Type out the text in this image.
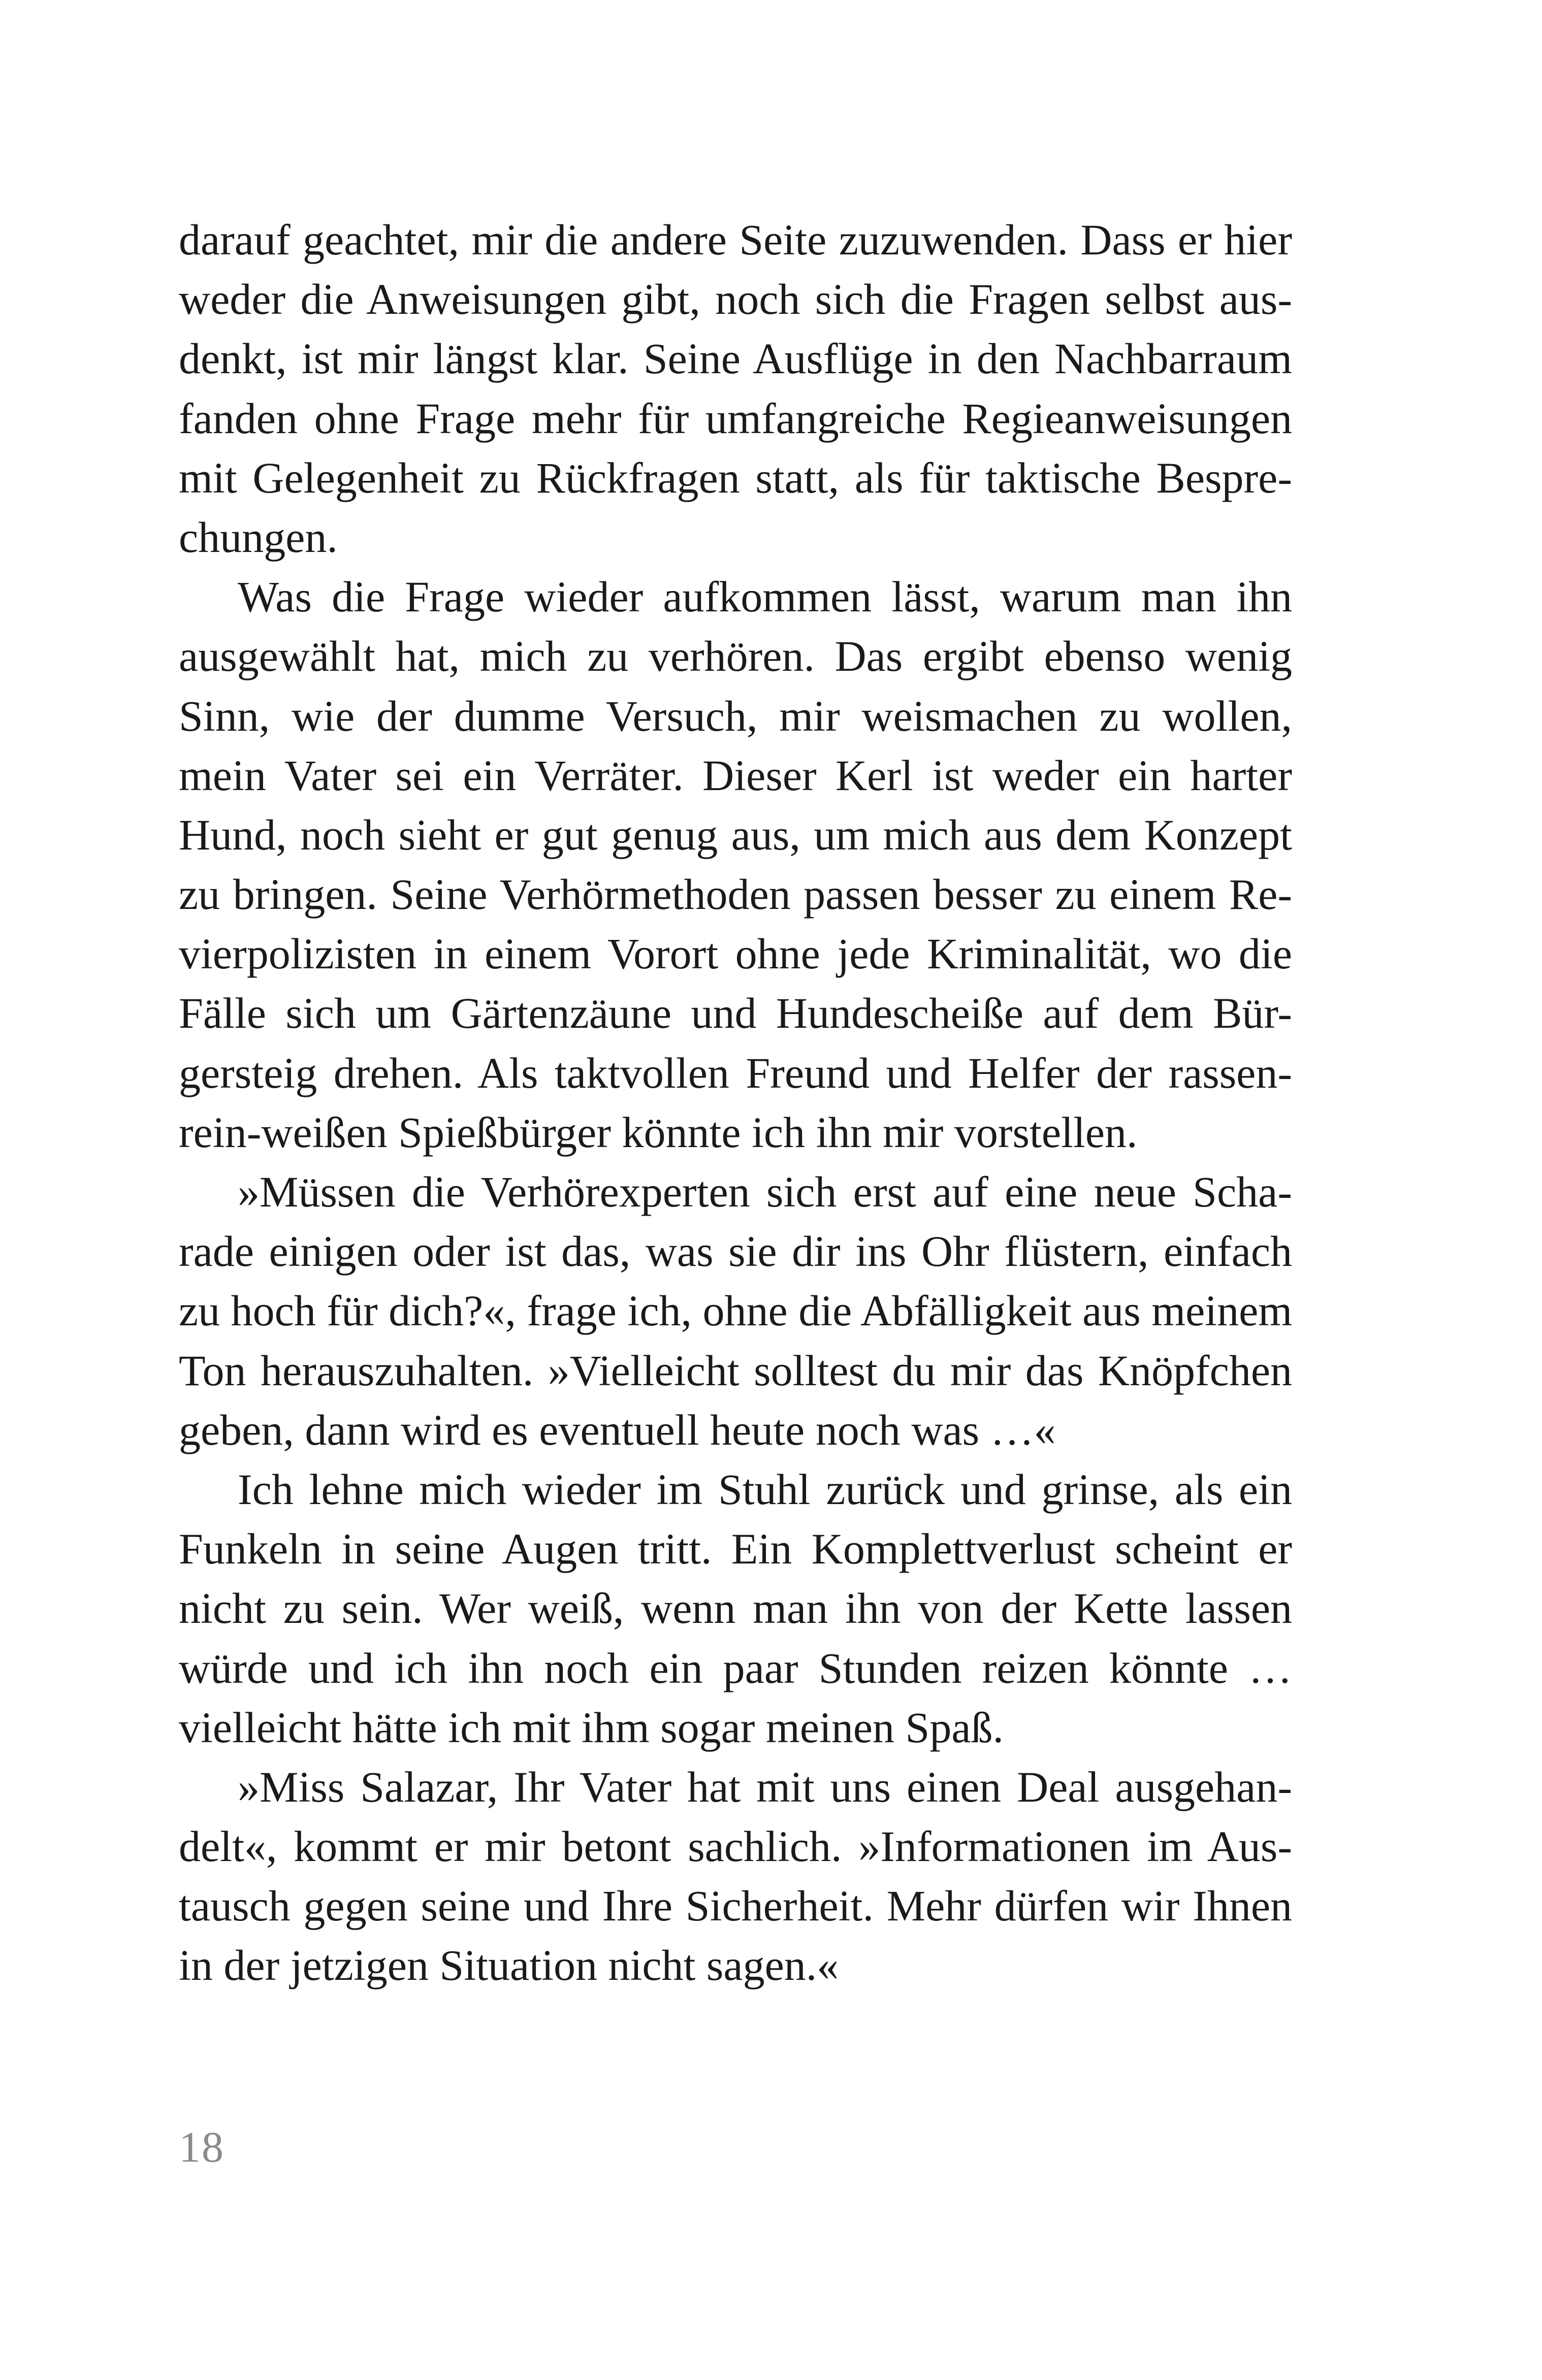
darauf geachtet, mir die andere Seite zuzuwenden. Dass er hier
weder die Anweisungen gibt, noch sich die Fragen selbst aus-
denkt, ist mir längst klar. Seine Ausflüge in den Nachbarraum
fanden ohne Frage mehr für umfangreiche Regieanweisungen
mit Gelegenheit zu Rückfragen statt, als für taktische Bespre-
chungen.
Was die Frage wieder aufkommen lässt, warum man ihn
ausgewählt hat, mich zu verhören. Das ergibt ebenso wenig
Sinn, wie der dumme Versuch, mir weismachen zu wollen,
mein Vater sei ein Verräter. Dieser Kerl ist weder ein harter
Hund, noch sieht er gut genug aus, um mich aus dem Konzept
zu bringen. Seine Verhörmethoden passen besser zu einem Re-
vierpolizisten in einem Vorort ohne jede Kriminalität, wo die
Fälle sich um Gärtenzäune und Hundescheiße auf dem Bür-
gersteig drehen. Als taktvollen Freund und Helfer der rassen-
rein-weißen Spießbürger könnte ich ihn mir vorstellen.
»Müssen die Verhörexperten sich erst auf eine neue Scha-
rade einigen oder ist das, was sie dir ins Ohr flüstern, einfach
zu hoch für dich?«, frage ich, ohne die Abfälligkeit aus meinem
Ton herauszuhalten. »Vielleicht solltest du mir das Knöpfchen
geben, dann wird es eventuell heute noch was …«
Ich lehne mich wieder im Stuhl zurück und grinse, als ein
Funkeln in seine Augen tritt. Ein Komplettverlust scheint er
nicht zu sein. Wer weiß, wenn man ihn von der Kette lassen
würde und ich ihn noch ein paar Stunden reizen könnte …
vielleicht hätte ich mit ihm sogar meinen Spaß.
»Miss Salazar, Ihr Vater hat mit uns einen Deal ausgehan-
delt«, kommt er mir betont sachlich. »Informationen im Aus-
tausch gegen seine und Ihre Sicherheit. Mehr dürfen wir Ihnen
in der jetzigen Situation nicht sagen.«
18
